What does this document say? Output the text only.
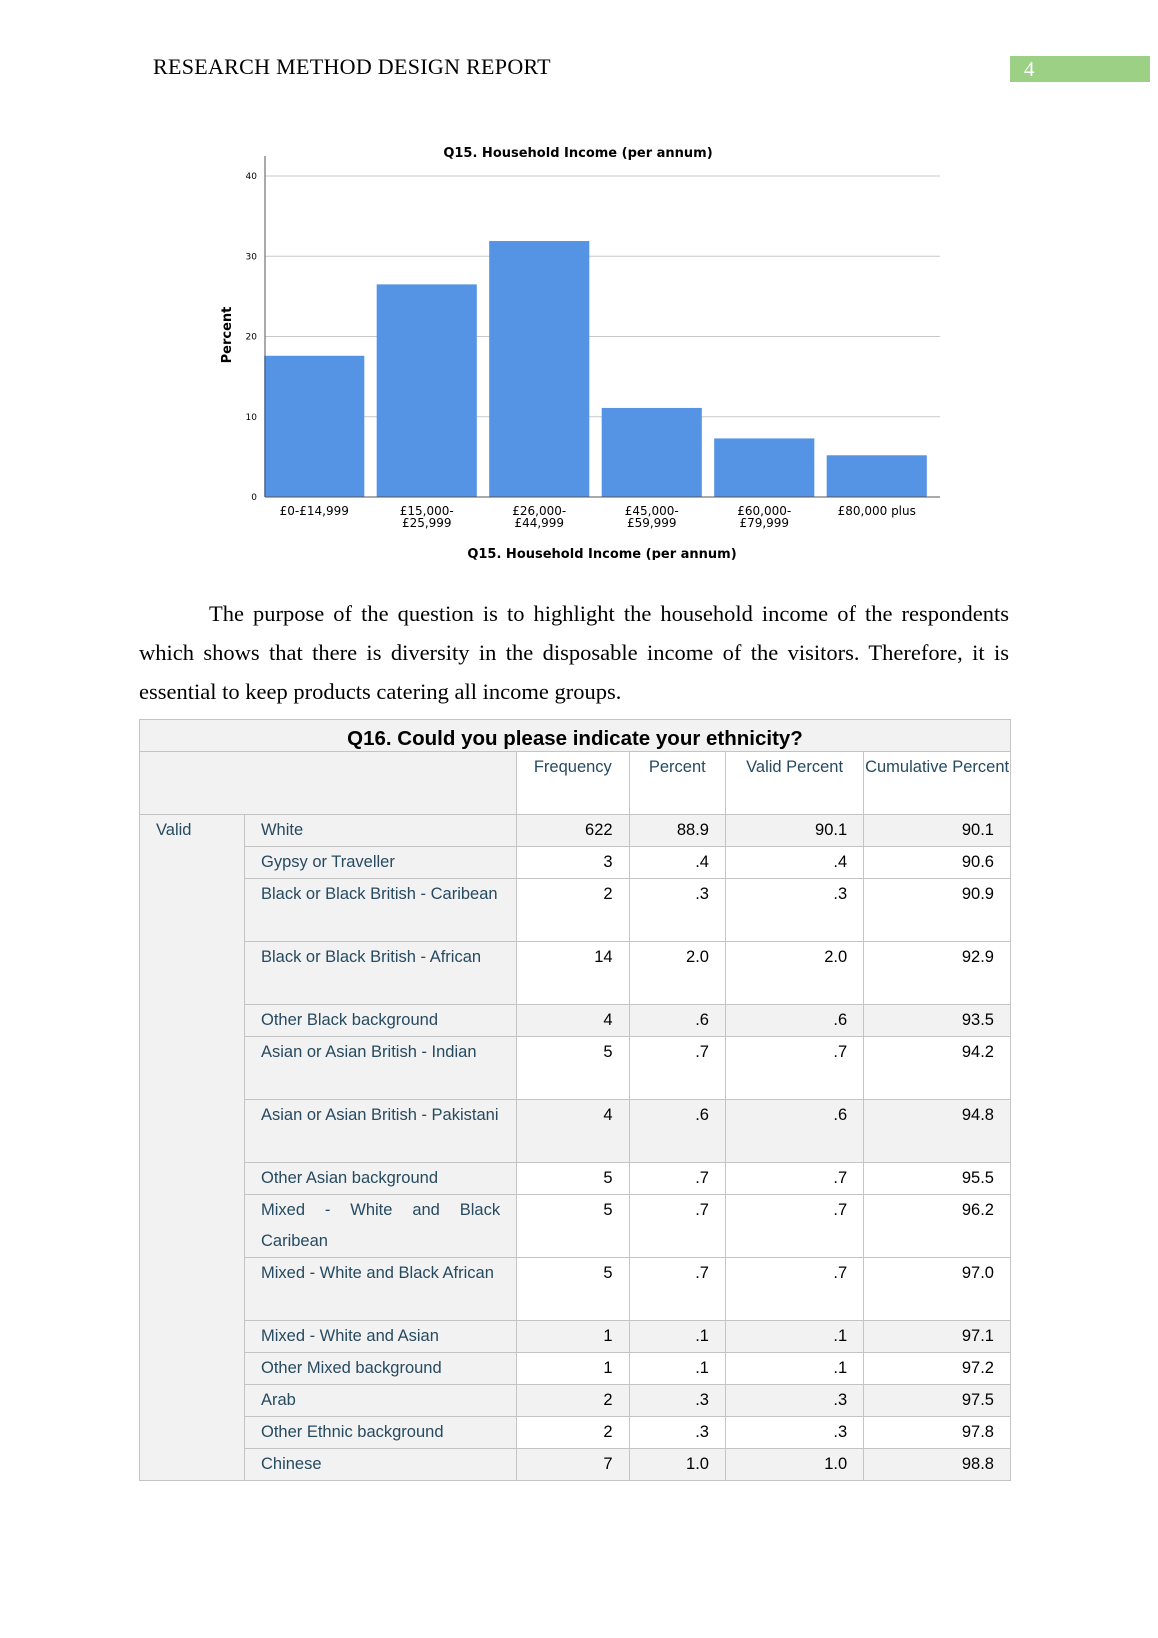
RESEARCH METHOD DESIGN REPORT	4
Q15. Household Income (per annum)
Percent
Q15. Household Income (per annum)
0
10
20
30
40
£0-£14,999	£15,000-
£25,999
£26,000-
£44,999
£45,000-
£59,999
£60,000-
£79,999
£80,000 plus

The purpose of the question is to highlight the household income of the respondents which shows that there is diversity in the disposable income of the visitors. Therefore, it is essential to keep products catering all income groups.

Q16. Could you please indicate your ethnicity?					
		Frequency	Percent	Valid Percent	Cumulative Percent
Valid	White	622	88.9	90.1	90.1
	Gypsy or Traveller	3	.4	.4	90.6
	Black or Black British - Caribean	2	.3	.3	90.9
	Black or Black British - African	14	2.0	2.0	92.9
	Other Black background	4	.6	.6	93.5
	Asian or Asian British - Indian	5	.7	.7	94.2
	Asian or Asian British - Pakistani	4	.6	.6	94.8
	Other Asian background	5	.7	.7	95.5
	Mixed - White and Black Caribean	5	.7	.7	96.2
	Mixed - White and Black African	5	.7	.7	97.0
	Mixed - White and Asian	1	.1	.1	97.1
	Other Mixed background	1	.1	.1	97.2
	Arab	2	.3	.3	97.5
	Other Ethnic background	2	.3	.3	97.8
	Chinese	7	1.0	1.0	98.8
